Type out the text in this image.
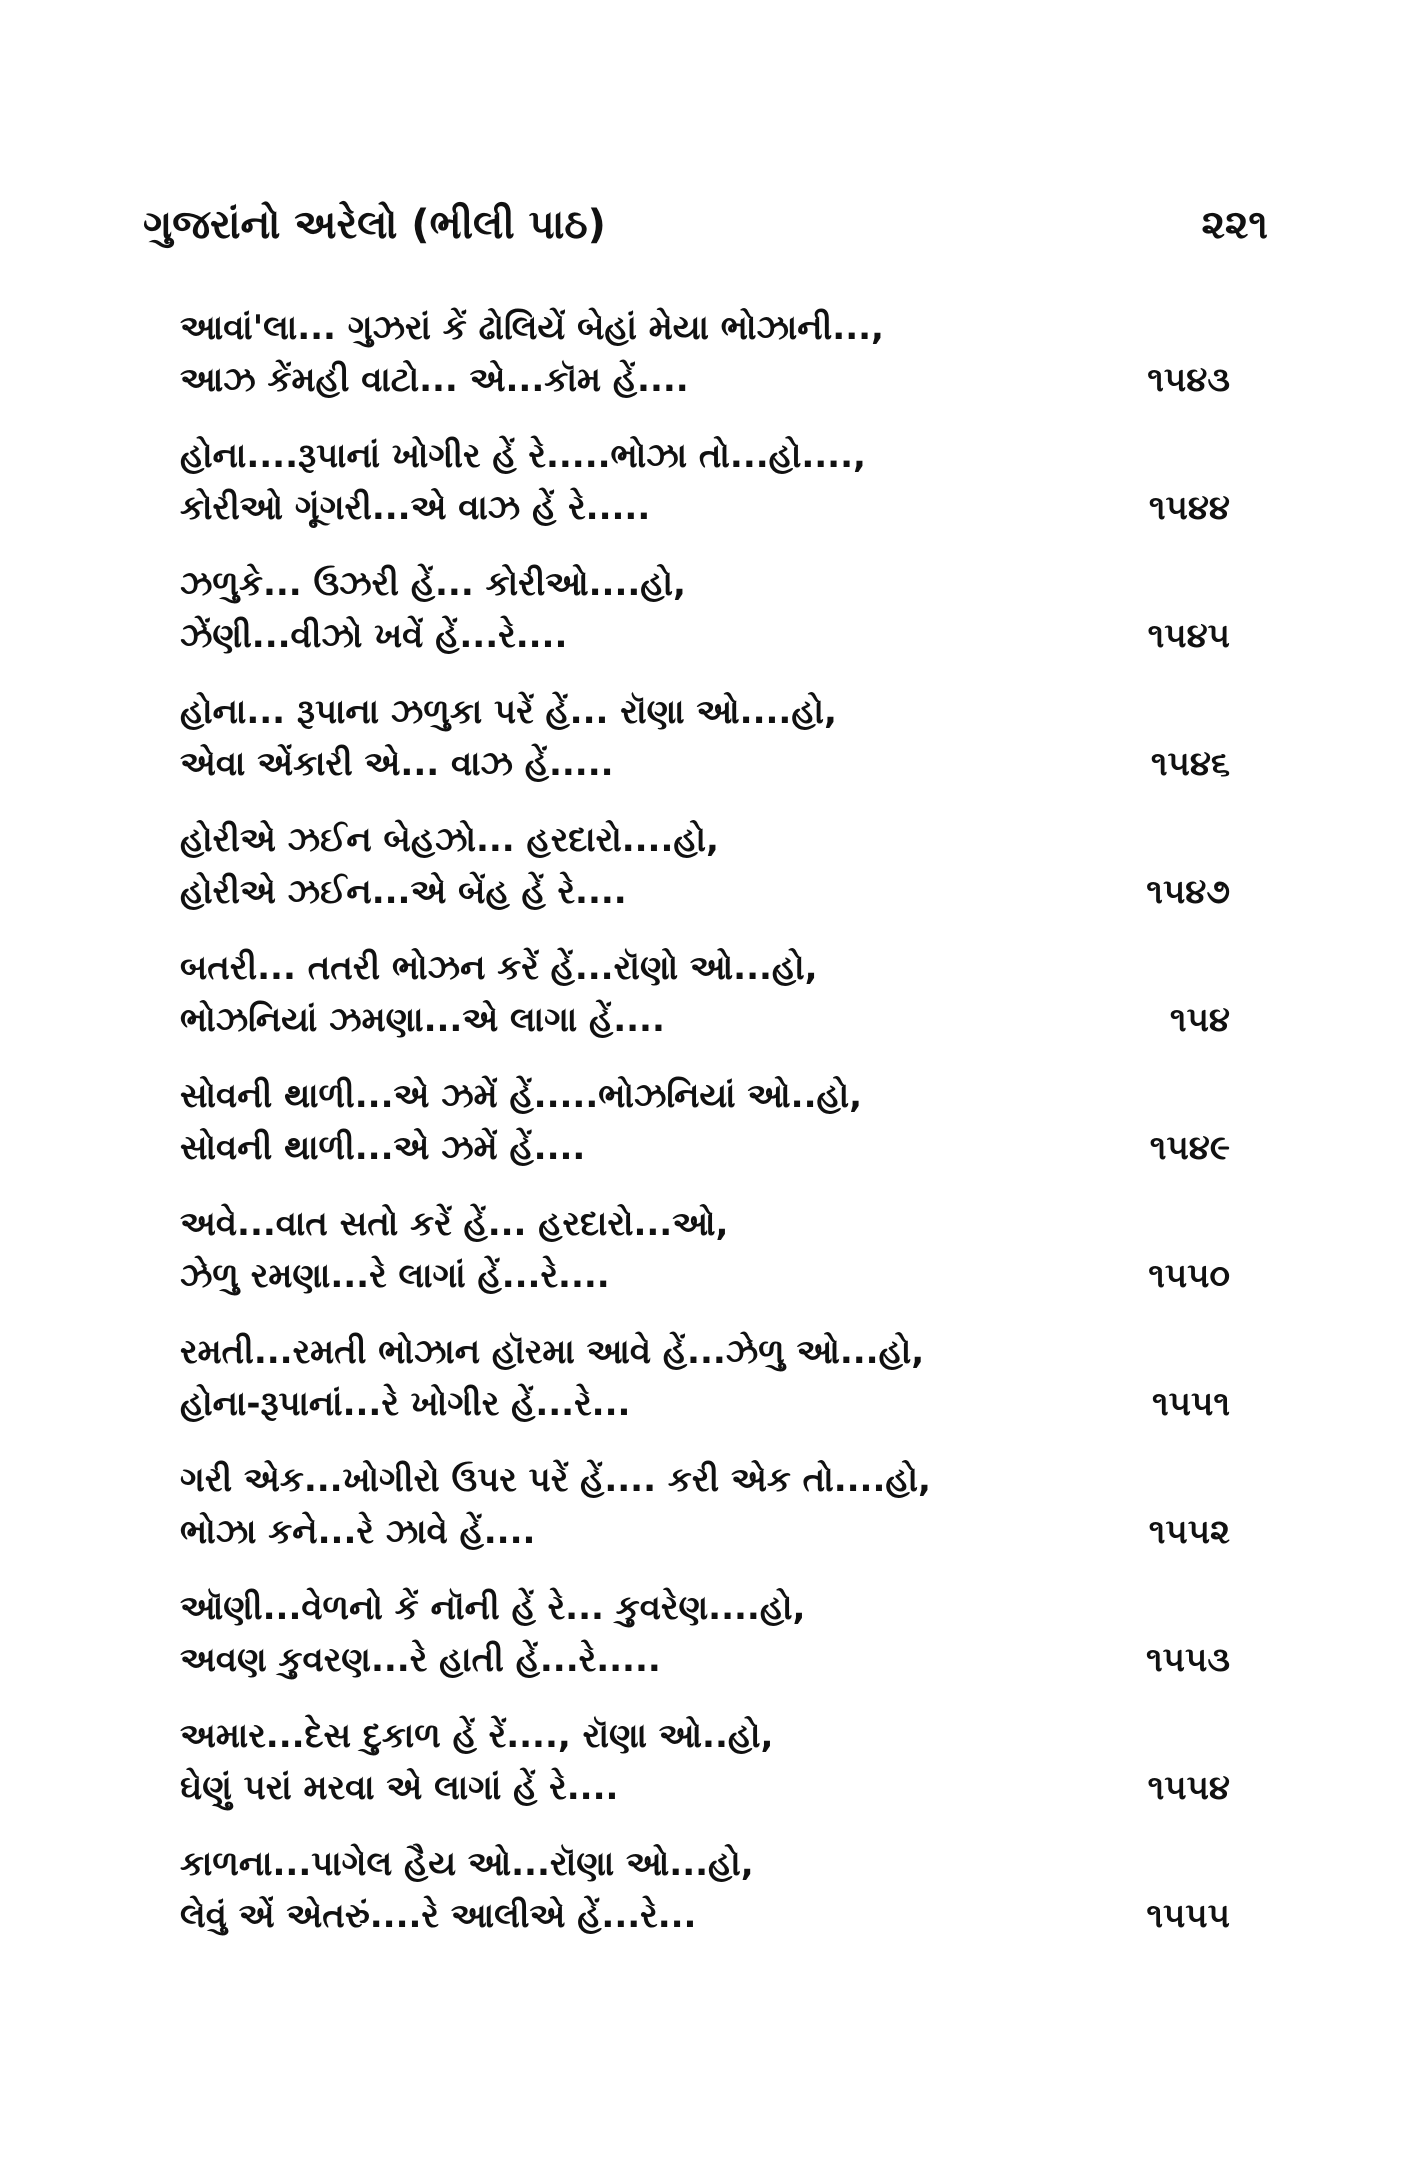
ગુજરાંનો અરેલો (ભીલી પાઠ)	૨૨૧
આવાં'લા... ગુઝરાં કેં ઢોલિયેં બેહાં મેયા ભોઝાની...,
આઝ કેંમહી વાટો... એ...કૉમ હેં....	૧૫૪૩
હોના....રૂપાનાં ખોગીર હેં રે.....ભોઝા તો...હો....,
કોરીઓ ગૂંગરી...એ વાઝ હેં રે.....	૧૫૪૪
ઝળુકે... ઉઝરી હેં... કોરીઓ....હો,
ઝેંણી...વીઝો ખવેં હેં...રે....	૧૫૪૫
હોના... રૂપાના ઝળુકા પરેં હેં... રૉણા ઓ....હો,
એવા એંકારી એ... વાઝ હેં.....	૧૫૪૬
હોરીએ ઝઈન બેહઝો... હરદારો....હો,
હોરીએ ઝઈન...એ બેંહ હેં રે....	૧૫૪૭
બતરી... તતરી ભોઝન કરેં હેં...રૉણો ઓ...હો,
ભોઝનિયાં ઝમણા...એ લાગા હેં....	૧૫૪
સોવની થાળી...એ ઝમેં હેં.....ભોઝનિયાં ઓ..હો,
સોવની થાળી...એ ઝમેં હેં....	૧૫૪૯
અવે...વાત સતો કરેં હેં... હરદારો...ઓ,
ઝેળુ રમણા...રે લાગાં હેં...રે....	૧૫૫૦
રમતી...રમતી ભોઝાન હૉરમા આવે હેં...ઝેળુ ઓ...હો,
હોના-રૂપાનાં...રે ખોગીર હેં...રે...	૧૫૫૧
ગરી એક...ખોગીરો ઉપર પરેં હેં.... કરી એક તો....હો,
ભોઝા કને...રે ઝાવે હેં....	૧૫૫૨
ઑણી...વેળનો કેં નૉની હેં રે... કુવરેણ....હો,
અવણ કુવરણ...રે હાતી હેં...રે.....	૧૫૫૩
અમાર...દેસ દુકાળ હેં રેં...., રૉણા ઓ..હો,
ઘેણું પરાં મરવા એ લાગાં હેં રે....	૧૫૫૪
કાળના...પાગેલ હૈય ઓ...રૉણા ઓ...હો,
લેવું એં એતરું....રે આલીએ હેં...રે...	૧૫૫૫
